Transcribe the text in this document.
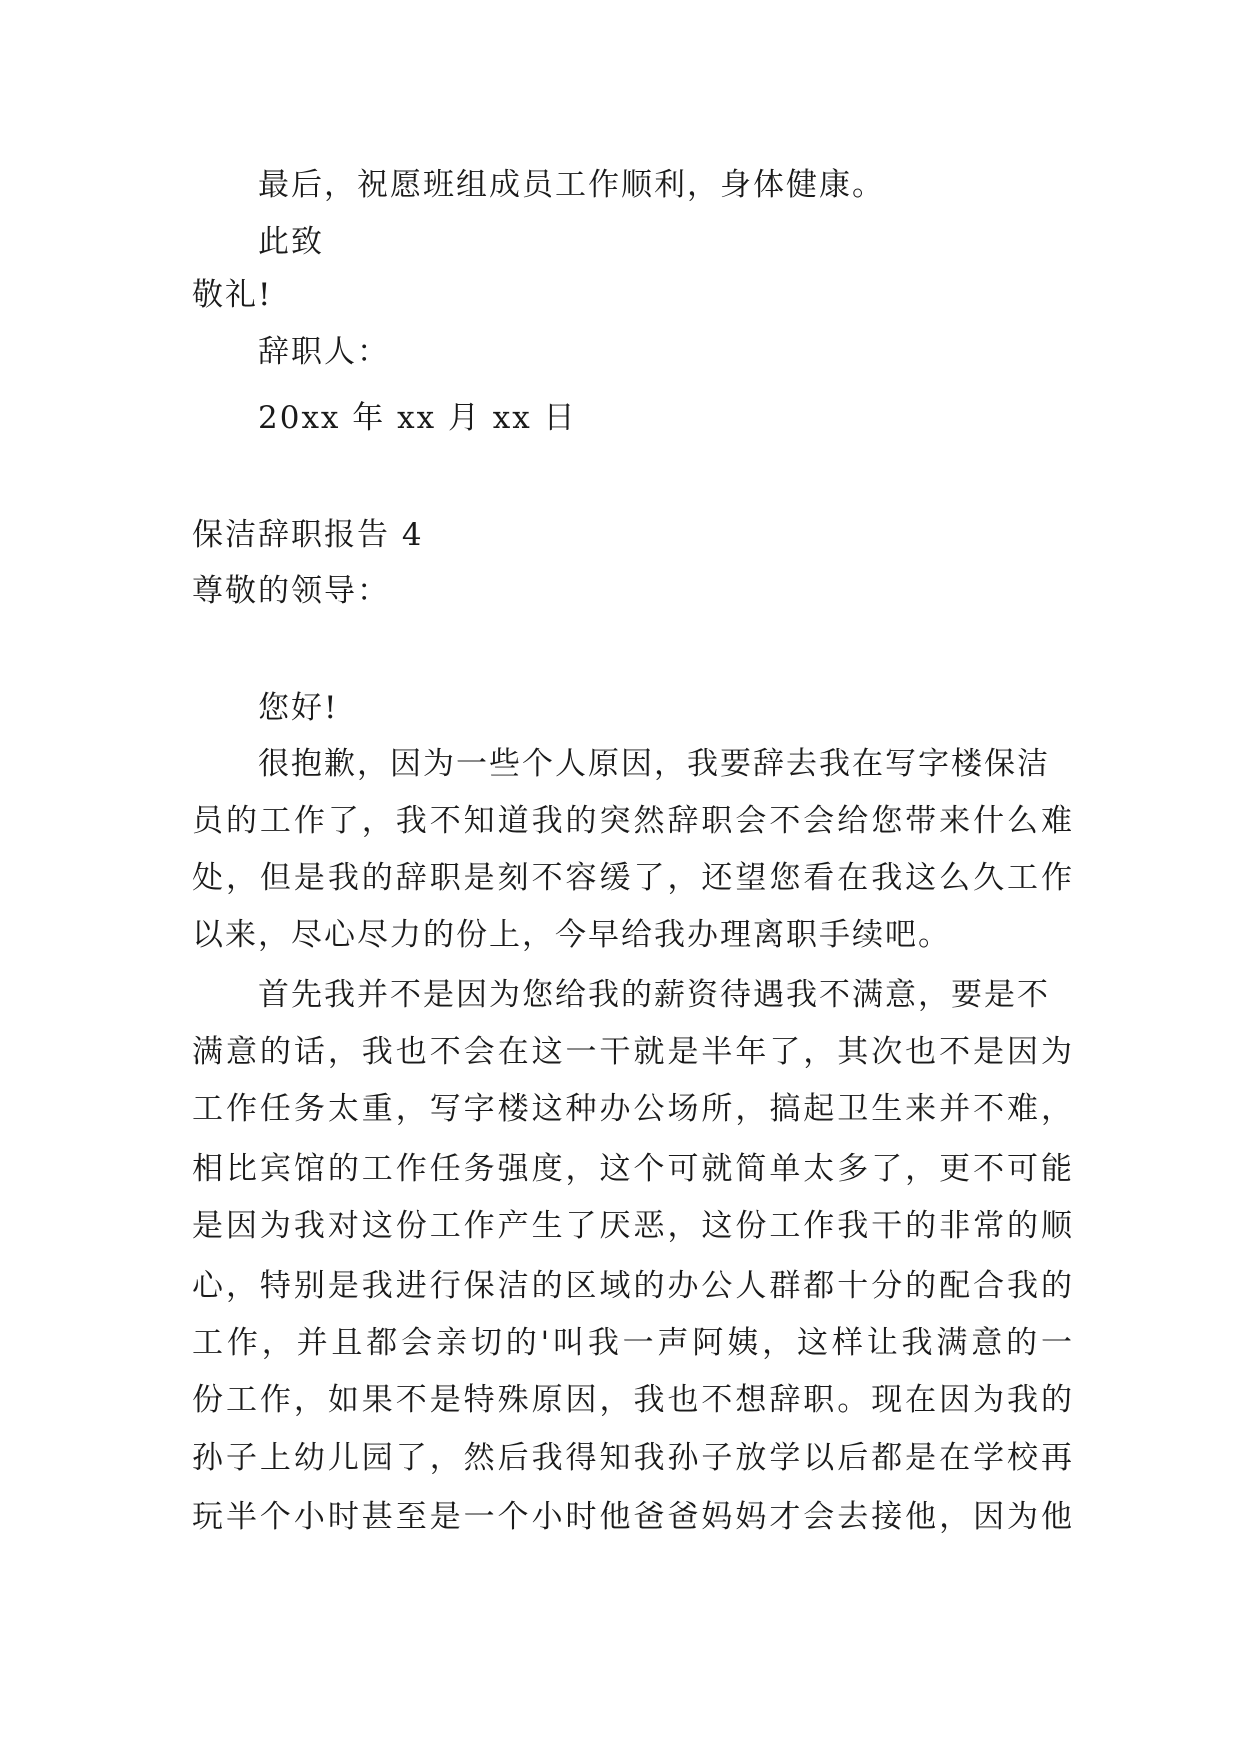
最后，祝愿班组成员工作顺利，身体健康。
此致
敬礼!
辞职人：
20xx 年 xx 月 xx 日
保洁辞职报告 4
尊敬的领导：
您好!
很抱歉，因为一些个人原因，我要辞去我在写字楼保洁
员的工作了，我不知道我的突然辞职会不会给您带来什么难
处，但是我的辞职是刻不容缓了，还望您看在我这么久工作
以来，尽心尽力的份上，今早给我办理离职手续吧。
首先我并不是因为您给我的薪资待遇我不满意，要是不
满意的话，我也不会在这一干就是半年了，其次也不是因为
工作任务太重，写字楼这种办公场所，搞起卫生来并不难，
相比宾馆的工作任务强度，这个可就简单太多了，更不可能
是因为我对这份工作产生了厌恶，这份工作我干的非常的顺
心，特别是我进行保洁的区域的办公人群都十分的配合我的
工作，并且都会亲切的'叫我一声阿姨，这样让我满意的一
份工作，如果不是特殊原因，我也不想辞职。现在因为我的
孙子上幼儿园了，然后我得知我孙子放学以后都是在学校再
玩半个小时甚至是一个小时他爸爸妈妈才会去接他，因为他
